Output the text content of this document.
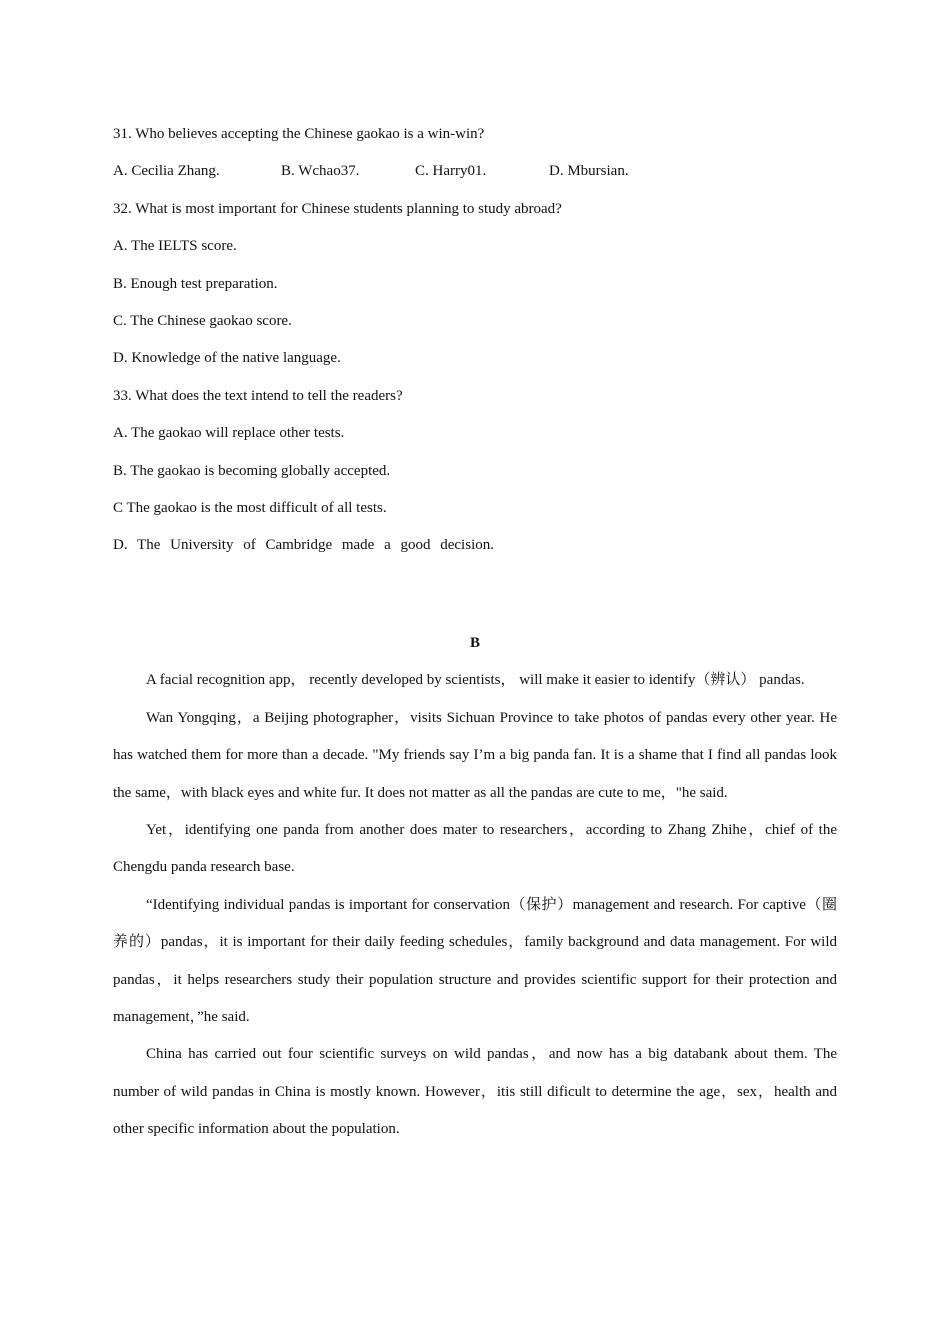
31. Who believes accepting the Chinese gaokao is a win-win?

A. Cecilia Zhang.	B. Wchao37.	C. Harry01.	D. Mbursian.

32. What is most important for Chinese students planning to study abroad?

A. The IELTS score.

B. Enough test preparation.

C. The Chinese gaokao score.

D. Knowledge of the native language.

33. What does the text intend to tell the readers?

A. The gaokao will replace other tests.

B. The gaokao is becoming globally accepted.

C The gaokao is the most difficult of all tests.

D. The University of Cambridge made a good decision.

B

A facial recognition app， recently developed by scientists， will make it easier to identify（辨认） pandas.

Wan Yongqing，a Beijing photographer，visits Sichuan Province to take photos of pandas every other year. He has watched them for more than a decade. "My friends say I’m a big panda fan. It is a shame that I find all pandas look the same，with black eyes and white fur. It does not matter as all the pandas are cute to me，"he said.

Yet，identifying one panda from another does mater to researchers，according to Zhang Zhihe，chief of the Chengdu panda research base.

“Identifying individual pandas is important for conservation（保护）management and research. For captive（圈养的）pandas，it is important for their daily feeding schedules，family background and data management. For wild pandas，it helps researchers study their population structure and provides scientific support for their protection and management，”he said.

China has carried out four scientific surveys on wild pandas，and now has a big databank about them. The number of wild pandas in China is mostly known. However，itis still dificult to determine the age，sex，health and other specific information about the population.
